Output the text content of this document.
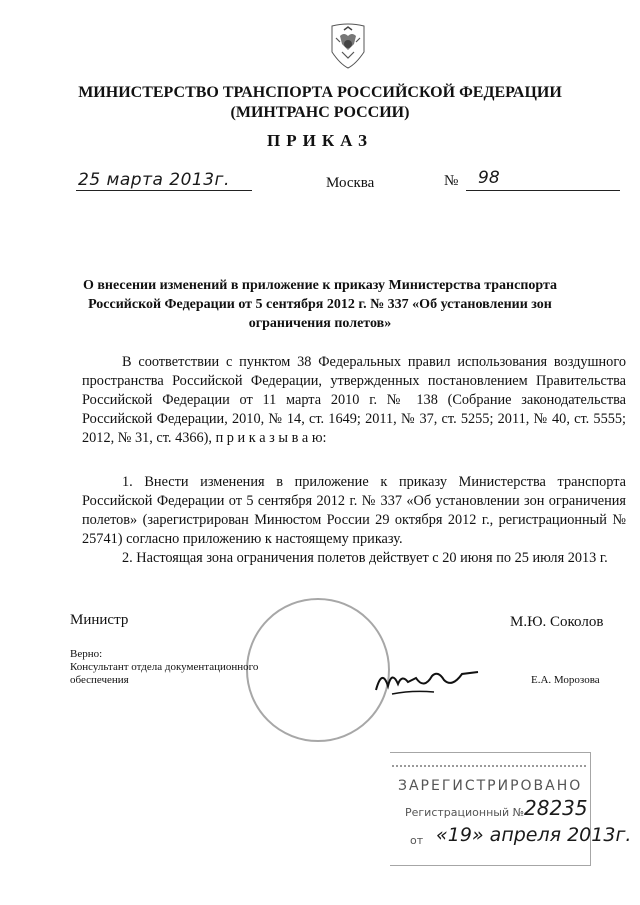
МИНИСТЕРСТВО ТРАНСПОРТА РОССИЙСКОЙ ФЕДЕРАЦИИ
(МИНТРАНС РОССИИ)
ПРИКАЗ
25 марта 2013г.	Москва	№ 98
О внесении изменений в приложение к приказу Министерства транспорта
Российской Федерации от 5 сентября 2012 г. № 337 «Об установлении зон
ограничения полетов»
В соответствии с пунктом 38 Федеральных правил использования воздушного пространства Российской Федерации, утвержденных постановлением Правительства Российской Федерации от 11 марта 2010 г. № 138 (Собрание законодательства Российской Федерации, 2010, № 14, ст. 1649; 2011, № 37, ст. 5255; 2011, № 40, ст. 5555; 2012, № 31, ст. 4366), п р и к а з ы в а ю:
1. Внести изменения в приложение к приказу Министерства транспорта Российской Федерации от 5 сентября 2012 г. № 337 «Об установлении зон ограничения полетов» (зарегистрирован Минюстом России 29 октября 2012 г., регистрационный № 25741) согласно приложению к настоящему приказу.
2. Настоящая зона ограничения полетов действует с 20 июня по 25 июля 2013 г.
Министр	М.Ю. Соколов
Верно:
Консультант отдела документационного обеспечения	Е.А. Морозова
ЗАРЕГИСТРИРОВАНО
Регистрационный № 28235
от «19» апреля 2013г.
